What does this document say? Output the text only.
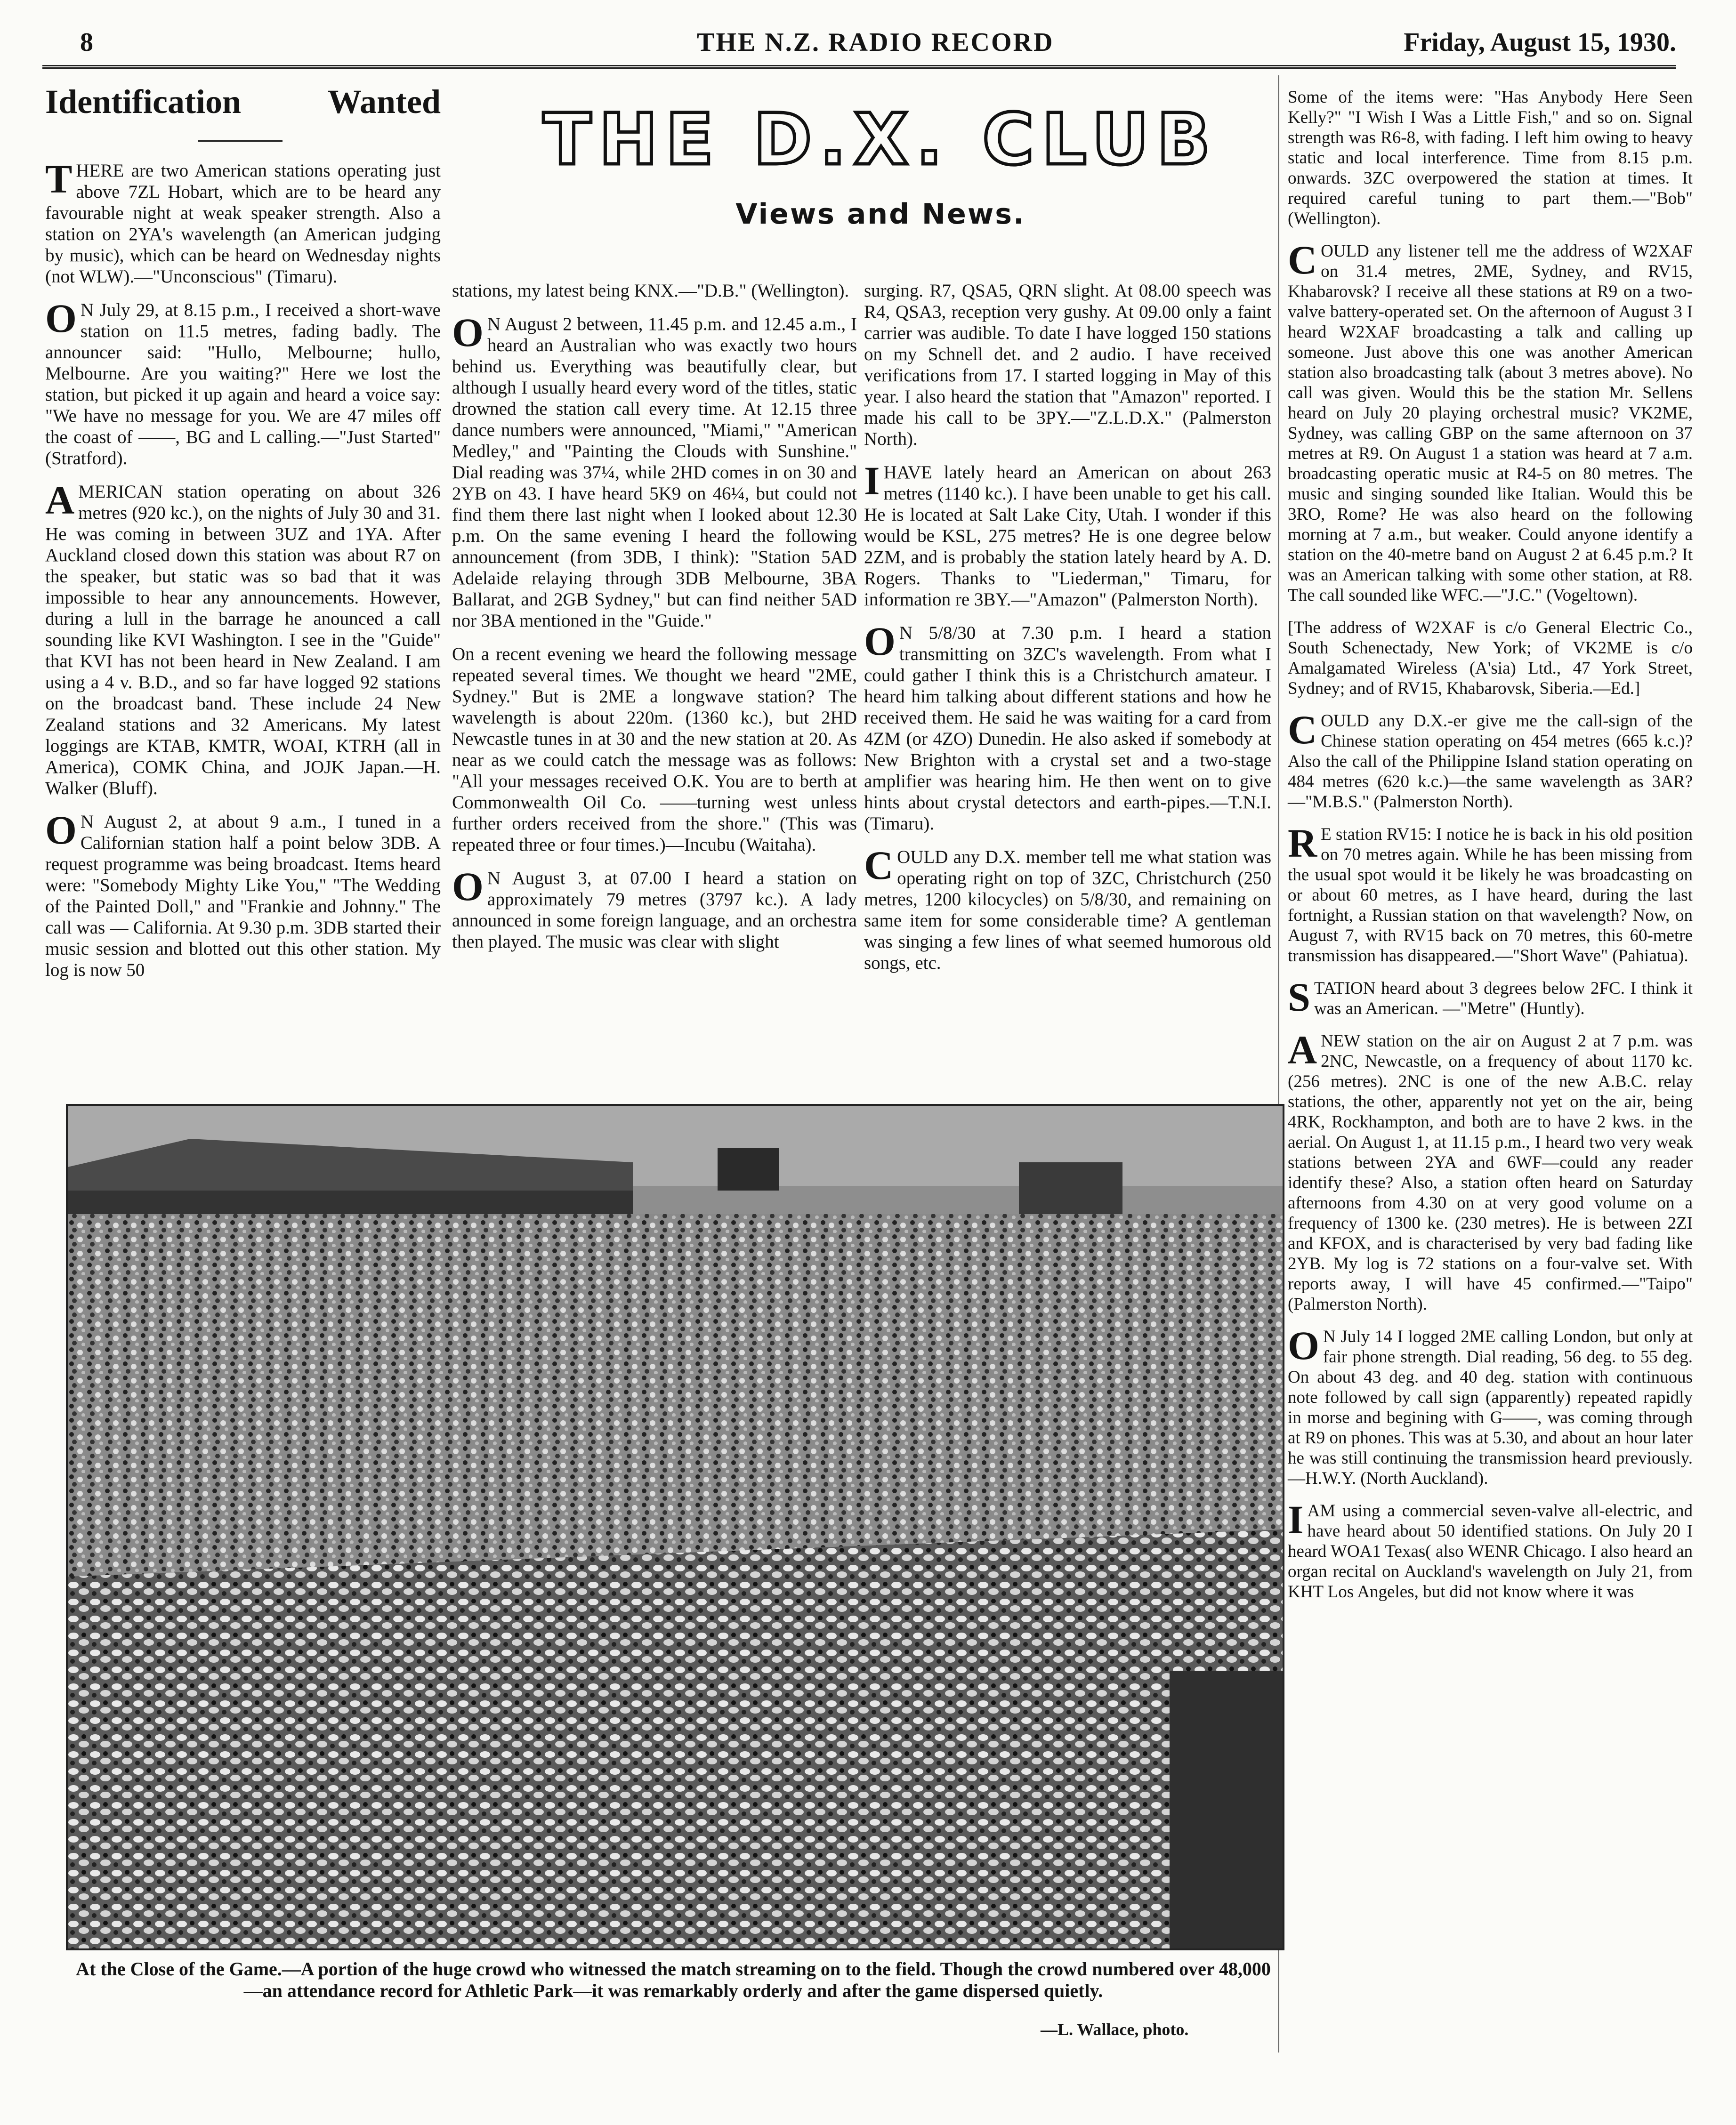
8	THE N.Z. RADIO RECORD	Friday, August 15, 1930.
Identification	Wanted

THERE are two American stations operating just above 7ZL Hobart, which are to be heard any favourable night at weak speaker strength. Also a station on 2YA's wavelength (an American judging by music), which can be heard on Wednesday nights (not WLW).—"Unconscious" (Timaru).

ON July 29, at 8.15 p.m., I received a short-wave station on 11.5 metres, fading badly. The announcer said: "Hullo, Melbourne; hullo, Melbourne. Are you waiting?" Here we lost the station, but picked it up again and heard a voice say: "We have no message for you. We are 47 miles off the coast of ——, BG and L calling.—"Just Started" (Stratford).

AMERICAN station operating on about 326 metres (920 kc.), on the nights of July 30 and 31. He was coming in between 3UZ and 1YA. After Auckland closed down this station was about R7 on the speaker, but static was so bad that it was impossible to hear any announcements. However, during a lull in the barrage he anounced a call sounding like KVI Washington. I see in the "Guide" that KVI has not been heard in New Zealand. I am using a 4 v. B.D., and so far have logged 92 stations on the broadcast band. These include 24 New Zealand stations and 32 Americans. My latest loggings are KTAB, KMTR, WOAI, KTRH (all in America), COMK China, and JOJK Japan.—H. Walker (Bluff).

ON August 2, at about 9 a.m., I tuned in a Californian station half a point below 3DB. A request programme was being broadcast. Items heard were: "Somebody Mighty Like You," "The Wedding of the Painted Doll," and "Frankie and Johnny." The call was — California. At 9.30 p.m. 3DB started their music session and blotted out this other station. My log is now 50

THE D.X. CLUB
Views and News.

stations, my latest being KNX.—"D.B." (Wellington).

ON August 2 between, 11.45 p.m. and 12.45 a.m., I heard an Australian who was exactly two hours behind us. Everything was beautifully clear, but although I usually heard every word of the titles, static drowned the station call every time. At 12.15 three dance numbers were announced, "Miami," "American Medley," and "Painting the Clouds with Sunshine." Dial reading was 37¼, while 2HD comes in on 30 and 2YB on 43. I have heard 5K9 on 46¼, but could not find them there last night when I looked about 12.30 p.m. On the same evening I heard the following announcement (from 3DB, I think): "Station 5AD Adelaide relaying through 3DB Melbourne, 3BA Ballarat, and 2GB Sydney," but can find neither 5AD nor 3BA mentioned in the "Guide."

On a recent evening we heard the following message repeated several times. We thought we heard "2ME, Sydney." But is 2ME a longwave station? The wavelength is about 220m. (1360 kc.), but 2HD Newcastle tunes in at 30 and the new station at 20. As near as we could catch the message was as follows: "All your messages received O.K. You are to berth at Commonwealth Oil Co. ——turning west unless further orders received from the shore." (This was repeated three or four times.)—Incubu (Waitaha).

ON August 3, at 07.00 I heard a station on approximately 79 metres (3797 kc.). A lady announced in some foreign language, and an orchestra then played. The music was clear with slight

surging. R7, QSA5, QRN slight. At 08.00 speech was R4, QSA3, reception very gushy. At 09.00 only a faint carrier was audible. To date I have logged 150 stations on my Schnell det. and 2 audio. I have received verifications from 17. I started logging in May of this year. I also heard the station that "Amazon" reported. I made his call to be 3PY.—"Z.L.D.X." (Palmerston North).

IHAVE lately heard an American on about 263 metres (1140 kc.). I have been unable to get his call. He is located at Salt Lake City, Utah. I wonder if this would be KSL, 275 metres? He is one degree below 2ZM, and is probably the station lately heard by A. D. Rogers. Thanks to "Liederman," Timaru, for information re 3BY.—"Amazon" (Palmerston North).

ON 5/8/30 at 7.30 p.m. I heard a station transmitting on 3ZC's wavelength. From what I could gather I think this is a Christchurch amateur. I heard him talking about different stations and how he received them. He said he was waiting for a card from 4ZM (or 4ZO) Dunedin. He also asked if somebody at New Brighton with a crystal set and a two-stage amplifier was hearing him. He then went on to give hints about crystal detectors and earth-pipes.—T.N.I. (Timaru).

COULD any D.X. member tell me what station was operating right on top of 3ZC, Christchurch (250 metres, 1200 kilocycles) on 5/8/30, and remaining on same item for some considerable time? A gentleman was singing a few lines of what seemed humorous old songs, etc.

Some of the items were: "Has Anybody Here Seen Kelly?" "I Wish I Was a Little Fish," and so on. Signal strength was R6-8, with fading. I left him owing to heavy static and local interference. Time from 8.15 p.m. onwards. 3ZC overpowered the station at times. It required careful tuning to part them.—"Bob" (Wellington).

COULD any listener tell me the address of W2XAF on 31.4 metres, 2ME, Sydney, and RV15, Khabarovsk? I receive all these stations at R9 on a two-valve battery-operated set. On the afternoon of August 3 I heard W2XAF broadcasting a talk and calling up someone. Just above this one was another American station also broadcasting talk (about 3 metres above). No call was given. Would this be the station Mr. Sellens heard on July 20 playing orchestral music? VK2ME, Sydney, was calling GBP on the same afternoon on 37 metres at R9. On August 1 a station was heard at 7 a.m. broadcasting operatic music at R4-5 on 80 metres. The music and singing sounded like Italian. Would this be 3RO, Rome? He was also heard on the following morning at 7 a.m., but weaker. Could anyone identify a station on the 40-metre band on August 2 at 6.45 p.m.? It was an American talking with some other station, at R8. The call sounded like WFC.—"J.C." (Vogeltown).

[The address of W2XAF is c/o General Electric Co., South Schenectady, New York; of VK2ME is c/o Amalgamated Wireless (A'sia) Ltd., 47 York Street, Sydney; and of RV15, Khabarovsk, Siberia.—Ed.]

COULD any D.X.-er give me the call-sign of the Chinese station operating on 454 metres (665 k.c.)? Also the call of the Philippine Island station operating on 484 metres (620 k.c.)—the same wavelength as 3AR?—"M.B.S." (Palmerston North).

RE station RV15: I notice he is back in his old position on 70 metres again. While he has been missing from the usual spot would it be likely he was broadcasting on or about 60 metres, as I have heard, during the last fortnight, a Russian station on that wavelength? Now, on August 7, with RV15 back on 70 metres, this 60-metre transmission has disappeared.—"Short Wave" (Pahiatua).

STATION heard about 3 degrees below 2FC. I think it was an American. —"Metre" (Huntly).

ANEW station on the air on August 2 at 7 p.m. was 2NC, Newcastle, on a frequency of about 1170 kc. (256 metres). 2NC is one of the new A.B.C. relay stations, the other, apparently not yet on the air, being 4RK, Rockhampton, and both are to have 2 kws. in the aerial. On August 1, at 11.15 p.m., I heard two very weak stations between 2YA and 6WF—could any reader identify these? Also, a station often heard on Saturday afternoons from 4.30 on at very good volume on a frequency of 1300 ke. (230 metres). He is between 2ZI and KFOX, and is characterised by very bad fading like 2YB. My log is 72 stations on a four-valve set. With reports away, I will have 45 confirmed.—"Taipo" (Palmerston North).

ON July 14 I logged 2ME calling London, but only at fair phone strength. Dial reading, 56 deg. to 55 deg. On about 43 deg. and 40 deg. station with continuous note followed by call sign (apparently) repeated rapidly in morse and begining with G——, was coming through at R9 on phones. This was at 5.30, and about an hour later he was still continuing the transmission heard previously.—H.W.Y. (North Auckland).

IAM using a commercial seven-valve all-electric, and have heard about 50 identified stations. On July 20 I heard WOA1 Texas( also WENR Chicago. I also heard an organ recital on Auckland's wavelength on July 21, from KHT Los Angeles, but did not know where it was

At the Close of the Game.—A portion of the huge crowd who witnessed the match streaming on to the field. Though the crowd numbered over 48,000—an attendance record for Athletic Park—it was remarkably orderly and after the game dispersed quietly.
—L. Wallace, photo.
